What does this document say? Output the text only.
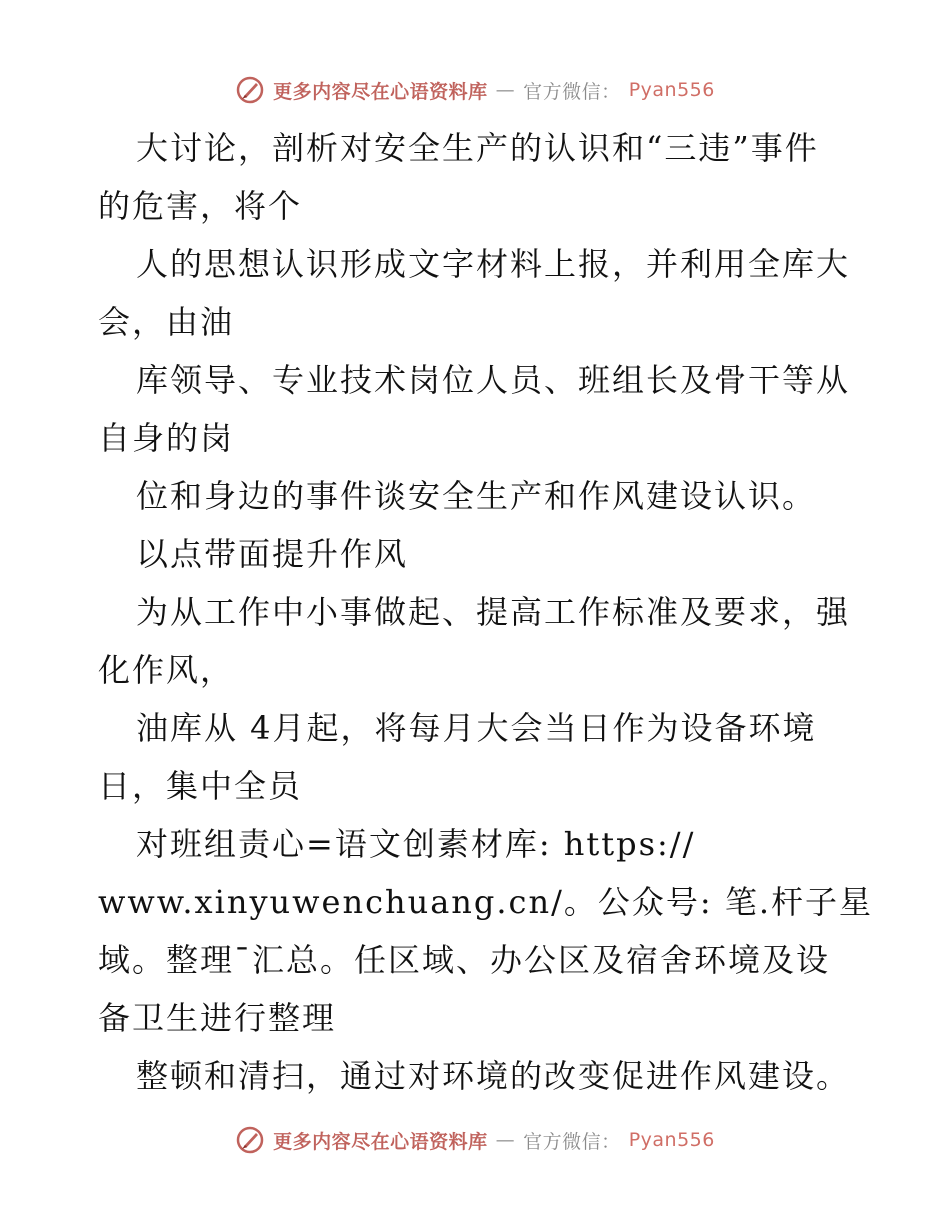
更多内容尽在心语资料库 — 官方微信： Pyan556
大讨论，剖析对安全生产的认识和“三违”事件
的危害，将个
人的思想认识形成文字材料上报，并利用全库大
会，由油
库领导、专业技术岗位人员、班组长及骨干等从
自身的岗
位和身边的事件谈安全生产和作风建设认识。
以点带面提升作风
为从工作中小事做起、提高工作标准及要求，强
化作风，
油库从 4月起，将每月大会当日作为设备环境
日，集中全员
对班组责心=语文创素材库: https://
www.xinyuwenchuang.cn/。公众号: 笔.杆子星
域。整理¯汇总。任区域、办公区及宿舍环境及设
备卫生进行整理
整顿和清扫，通过对环境的改变促进作风建设。
更多内容尽在心语资料库 — 官方微信： Pyan556
